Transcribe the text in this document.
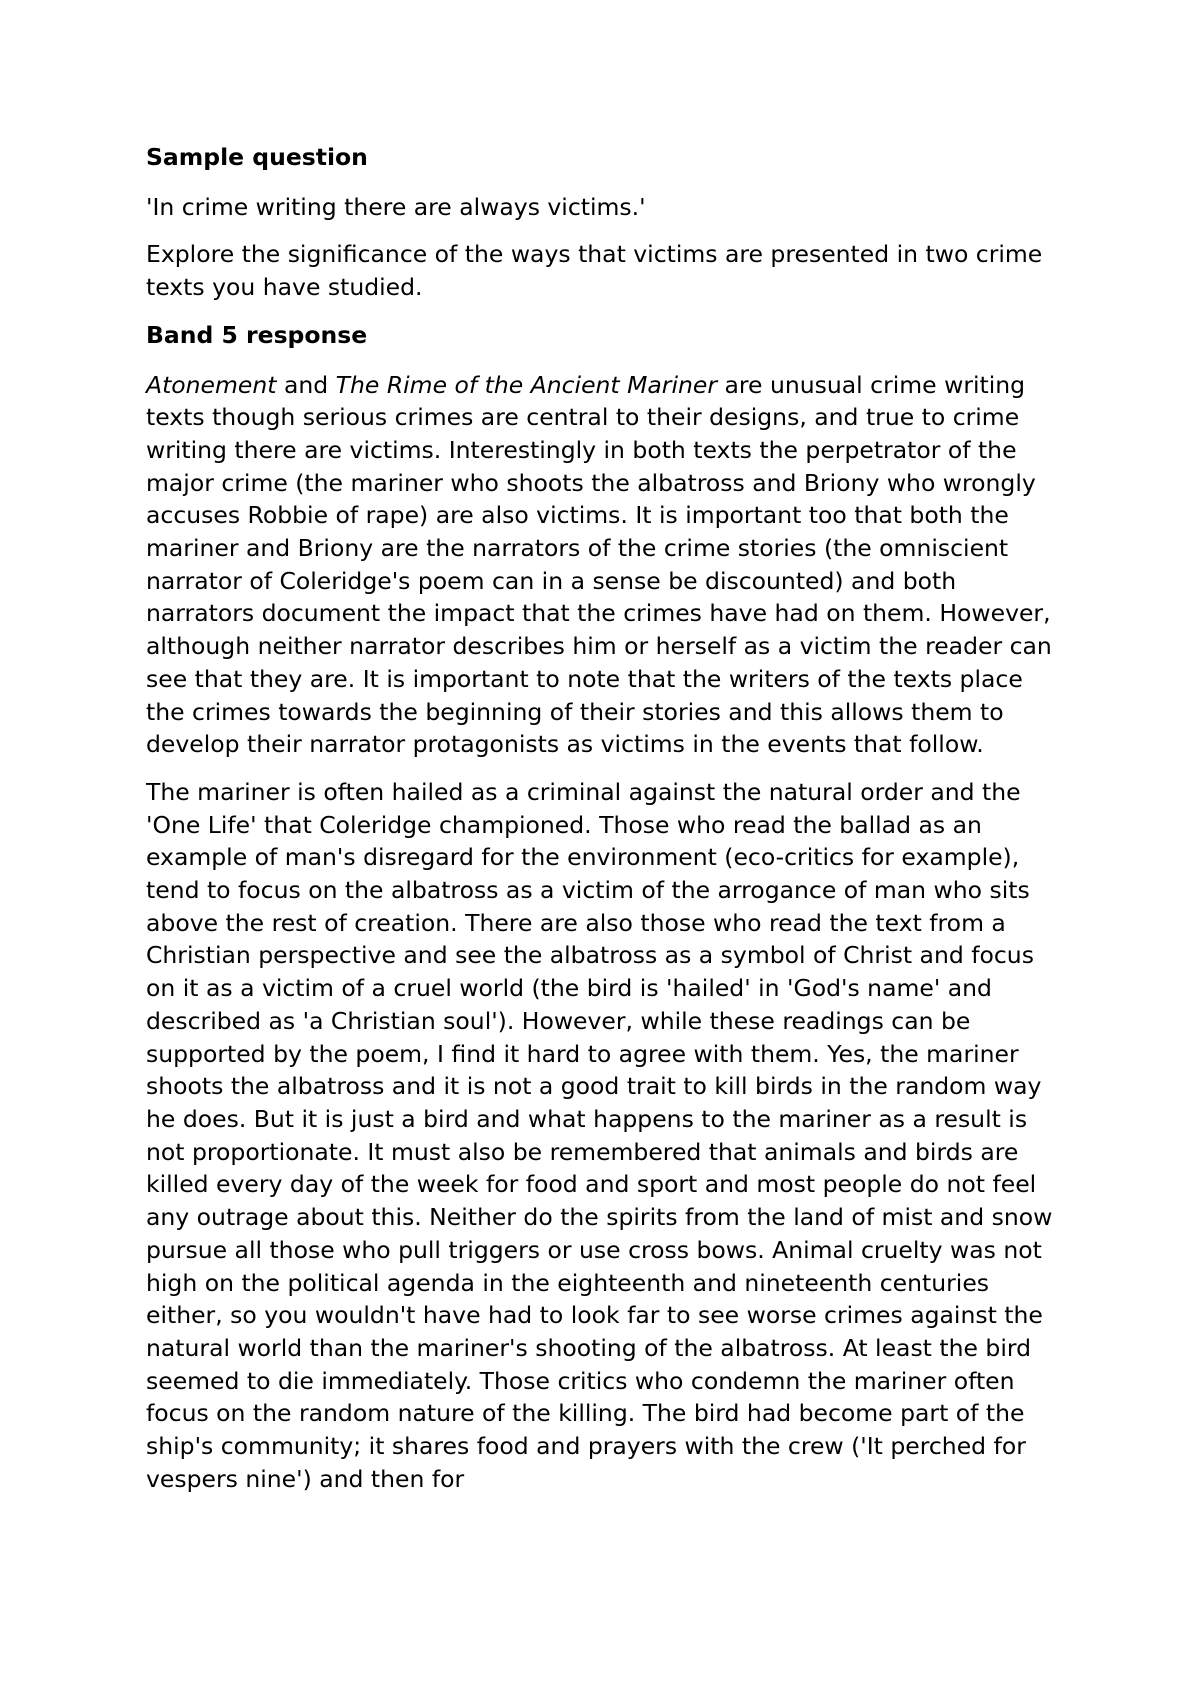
Sample question

'In crime writing there are always victims.'

Explore the significance of the ways that victims are presented in two crime texts you have studied.

Band 5 response

Atonement and The Rime of the Ancient Mariner are unusual crime writing texts though serious crimes are central to their designs, and true to crime writing there are victims. Interestingly in both texts the perpetrator of the major crime (the mariner who shoots the albatross and Briony who wrongly accuses Robbie of rape) are also victims. It is important too that both the mariner and Briony are the narrators of the crime stories (the omniscient narrator of Coleridge's poem can in a sense be discounted) and both narrators document the impact that the crimes have had on them. However, although neither narrator describes him or herself as a victim the reader can see that they are. It is important to note that the writers of the texts place the crimes towards the beginning of their stories and this allows them to develop their narrator protagonists as victims in the events that follow.

The mariner is often hailed as a criminal against the natural order and the 'One Life' that Coleridge championed. Those who read the ballad as an example of man's disregard for the environment (eco-critics for example), tend to focus on the albatross as a victim of the arrogance of man who sits above the rest of creation. There are also those who read the text from a Christian perspective and see the albatross as a symbol of Christ and focus on it as a victim of a cruel world (the bird is 'hailed' in 'God's name' and described as 'a Christian soul'). However, while these readings can be supported by the poem, I find it hard to agree with them. Yes, the mariner shoots the albatross and it is not a good trait to kill birds in the random way he does. But it is just a bird and what happens to the mariner as a result is not proportionate. It must also be remembered that animals and birds are killed every day of the week for food and sport and most people do not feel any outrage about this. Neither do the spirits from the land of mist and snow pursue all those who pull triggers or use cross bows. Animal cruelty was not high on the political agenda in the eighteenth and nineteenth centuries either, so you wouldn't have had to look far to see worse crimes against the natural world than the mariner's shooting of the albatross. At least the bird seemed to die immediately. Those critics who condemn the mariner often focus on the random nature of the killing. The bird had become part of the ship's community; it shares food and prayers with the crew ('It perched for vespers nine') and then for
